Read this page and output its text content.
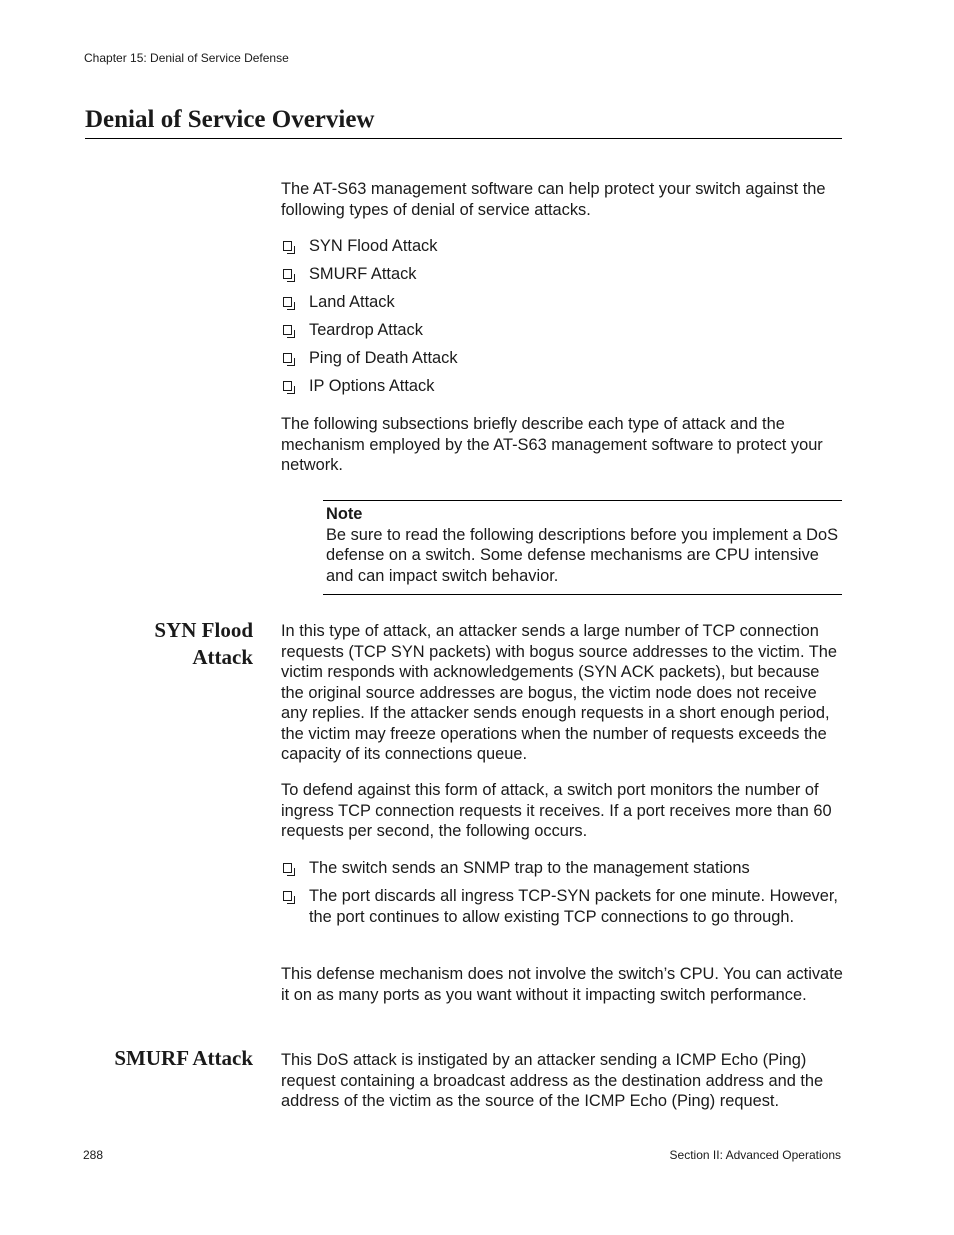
Chapter 15: Denial of Service Defense
Denial of Service Overview

The AT-S63 management software can help protect your switch against the following types of denial of service attacks.

SYN Flood Attack
SMURF Attack
Land Attack
Teardrop Attack
Ping of Death Attack
IP Options Attack

The following subsections briefly describe each type of attack and the mechanism employed by the AT-S63 management software to protect your network.

Note
Be sure to read the following descriptions before you implement a DoS defense on a switch. Some defense mechanisms are CPU intensive and can impact switch behavior.
SYN Flood
Attack

In this type of attack, an attacker sends a large number of TCP connection requests (TCP SYN packets) with bogus source addresses to the victim. The victim responds with acknowledgements (SYN ACK packets), but because the original source addresses are bogus, the victim node does not receive any replies. If the attacker sends enough requests in a short enough period, the victim may freeze operations when the number of requests exceeds the capacity of its connections queue.

To defend against this form of attack, a switch port monitors the number of ingress TCP connection requests it receives. If a port receives more than 60 requests per second, the following occurs.

The switch sends an SNMP trap to the management stations
The port discards all ingress TCP-SYN packets for one minute. However, the port continues to allow existing TCP connections to go through.

This defense mechanism does not involve the switch’s CPU. You can activate it on as many ports as you want without it impacting switch performance.

SMURF Attack This DoS attack is instigated by an attacker sending a ICMP Echo (Ping) request containing a broadcast address as the destination address and the address of the victim as the source of the ICMP Echo (Ping) request.

288	Section II: Advanced Operations
